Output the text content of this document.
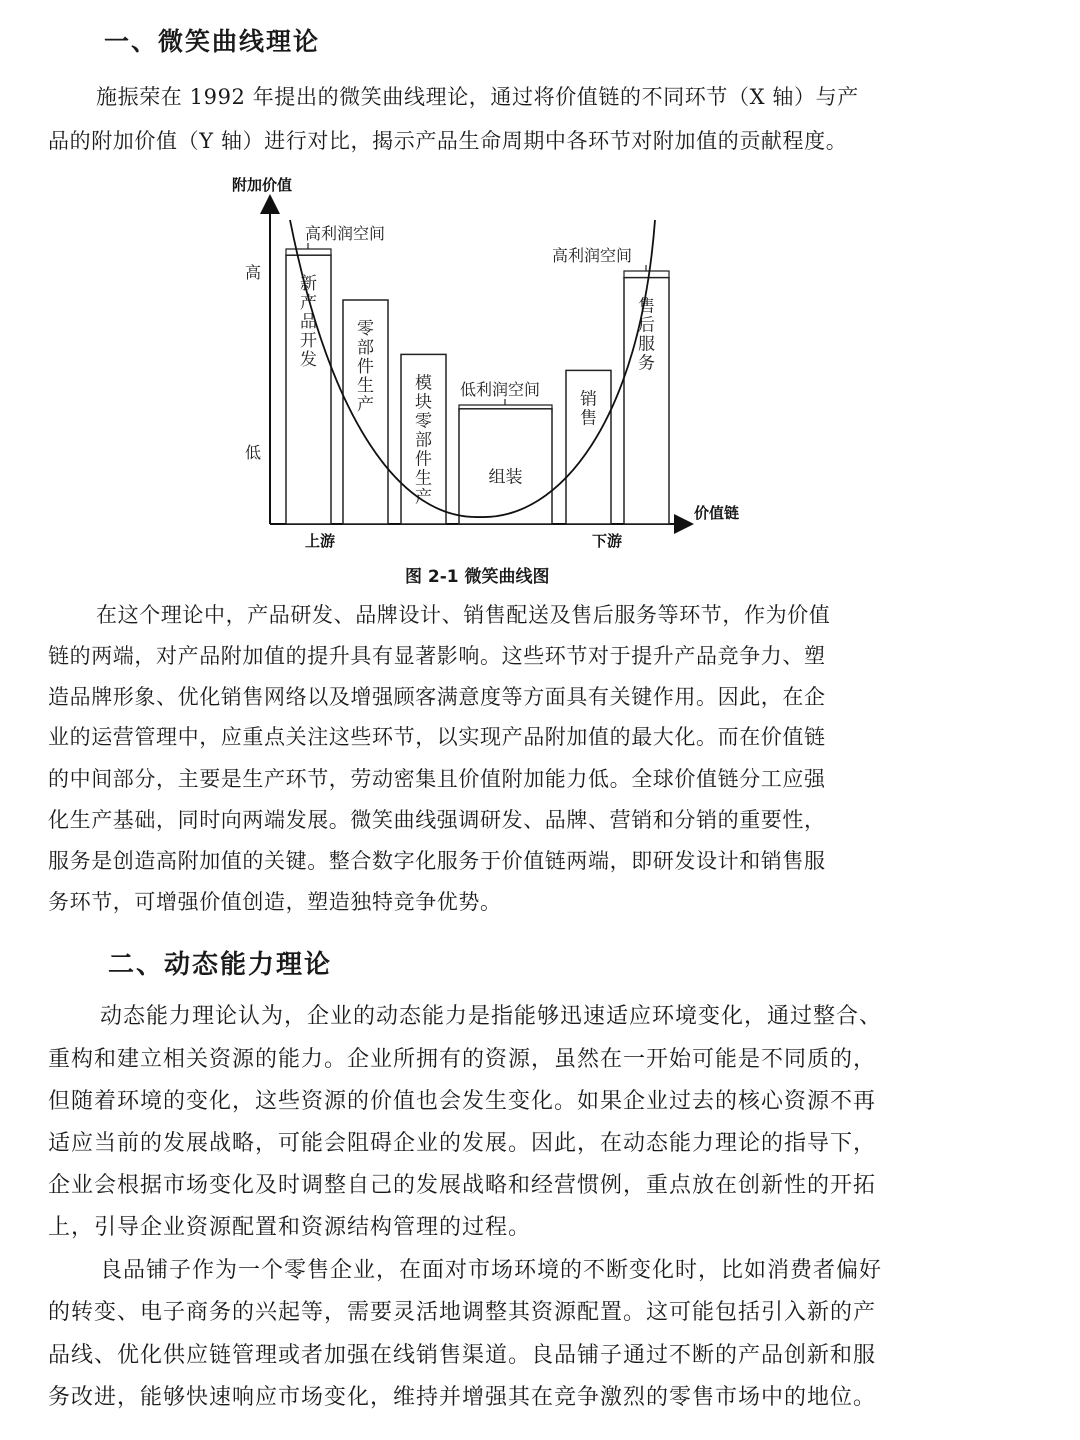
一、微笑曲线理论
施振荣在 1992 年提出的微笑曲线理论，通过将价值链的不同环节（X 轴）与产
品的附加价值（Y 轴）进行对比，揭示产品生命周期中各环节对附加值的贡献程度。
附加价值
价值链
高
低
上游	下游
新产品开发
零部件生产
模块零部件生产
组装
销售
售后服务
高利润空间
低利润空间
高利润空间
图 2-1 微笑曲线图
在这个理论中，产品研发、品牌设计、销售配送及售后服务等环节，作为价值
链的两端，对产品附加值的提升具有显著影响。这些环节对于提升产品竞争力、塑
造品牌形象、优化销售网络以及增强顾客满意度等方面具有关键作用。因此，在企
业的运营管理中，应重点关注这些环节，以实现产品附加值的最大化。而在价值链
的中间部分，主要是生产环节，劳动密集且价值附加能力低。全球价值链分工应强
化生产基础，同时向两端发展。微笑曲线强调研发、品牌、营销和分销的重要性，
服务是创造高附加值的关键。整合数字化服务于价值链两端，即研发设计和销售服
务环节，可增强价值创造，塑造独特竞争优势。
二、动态能力理论
动态能力理论认为，企业的动态能力是指能够迅速适应环境变化，通过整合、
重构和建立相关资源的能力。企业所拥有的资源，虽然在一开始可能是不同质的，
但随着环境的变化，这些资源的价值也会发生变化。如果企业过去的核心资源不再
适应当前的发展战略，可能会阻碍企业的发展。因此，在动态能力理论的指导下，
企业会根据市场变化及时调整自己的发展战略和经营惯例，重点放在创新性的开拓
上，引导企业资源配置和资源结构管理的过程。
良品铺子作为一个零售企业，在面对市场环境的不断变化时，比如消费者偏好
的转变、电子商务的兴起等，需要灵活地调整其资源配置。这可能包括引入新的产
品线、优化供应链管理或者加强在线销售渠道。良品铺子通过不断的产品创新和服
务改进，能够快速响应市场变化，维持并增强其在竞争激烈的零售市场中的地位。
